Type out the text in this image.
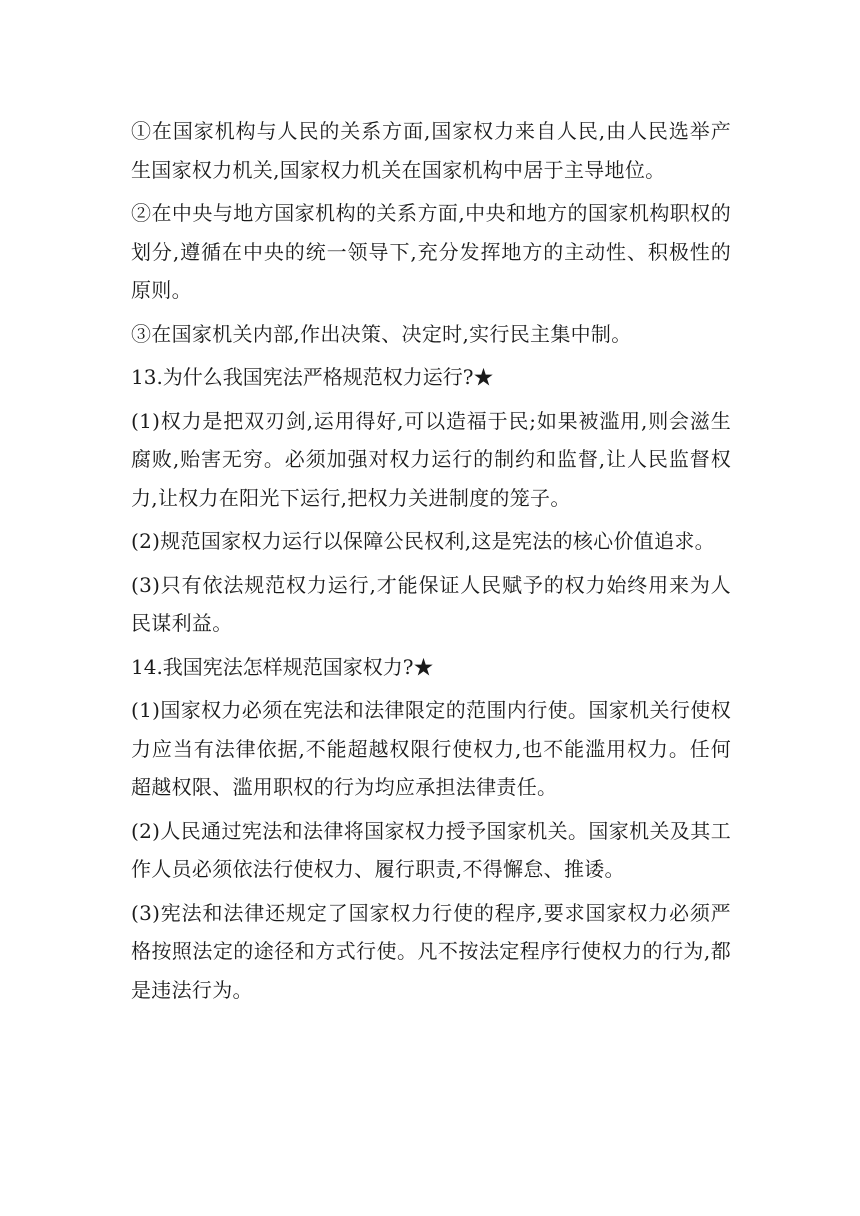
①在国家机构与人民的关系方面,国家权力来自人民,由人民选举产生国家权力机关,国家权力机关在国家机构中居于主导地位。

②在中央与地方国家机构的关系方面,中央和地方的国家机构职权的划分,遵循在中央的统一领导下,充分发挥地方的主动性、积极性的原则。

③在国家机关内部,作出决策、决定时,实行民主集中制。

13.为什么我国宪法严格规范权力运行?★

(1)权力是把双刃剑,运用得好,可以造福于民;如果被滥用,则会滋生腐败,贻害无穷。必须加强对权力运行的制约和监督,让人民监督权力,让权力在阳光下运行,把权力关进制度的笼子。

(2)规范国家权力运行以保障公民权利,这是宪法的核心价值追求。

(3)只有依法规范权力运行,才能保证人民赋予的权力始终用来为人民谋利益。

14.我国宪法怎样规范国家权力?★

(1)国家权力必须在宪法和法律限定的范围内行使。国家机关行使权力应当有法律依据,不能超越权限行使权力,也不能滥用权力。任何超越权限、滥用职权的行为均应承担法律责任。

(2)人民通过宪法和法律将国家权力授予国家机关。国家机关及其工作人员必须依法行使权力、履行职责,不得懈怠、推诿。

(3)宪法和法律还规定了国家权力行使的程序,要求国家权力必须严格按照法定的途径和方式行使。凡不按法定程序行使权力的行为,都是违法行为。
